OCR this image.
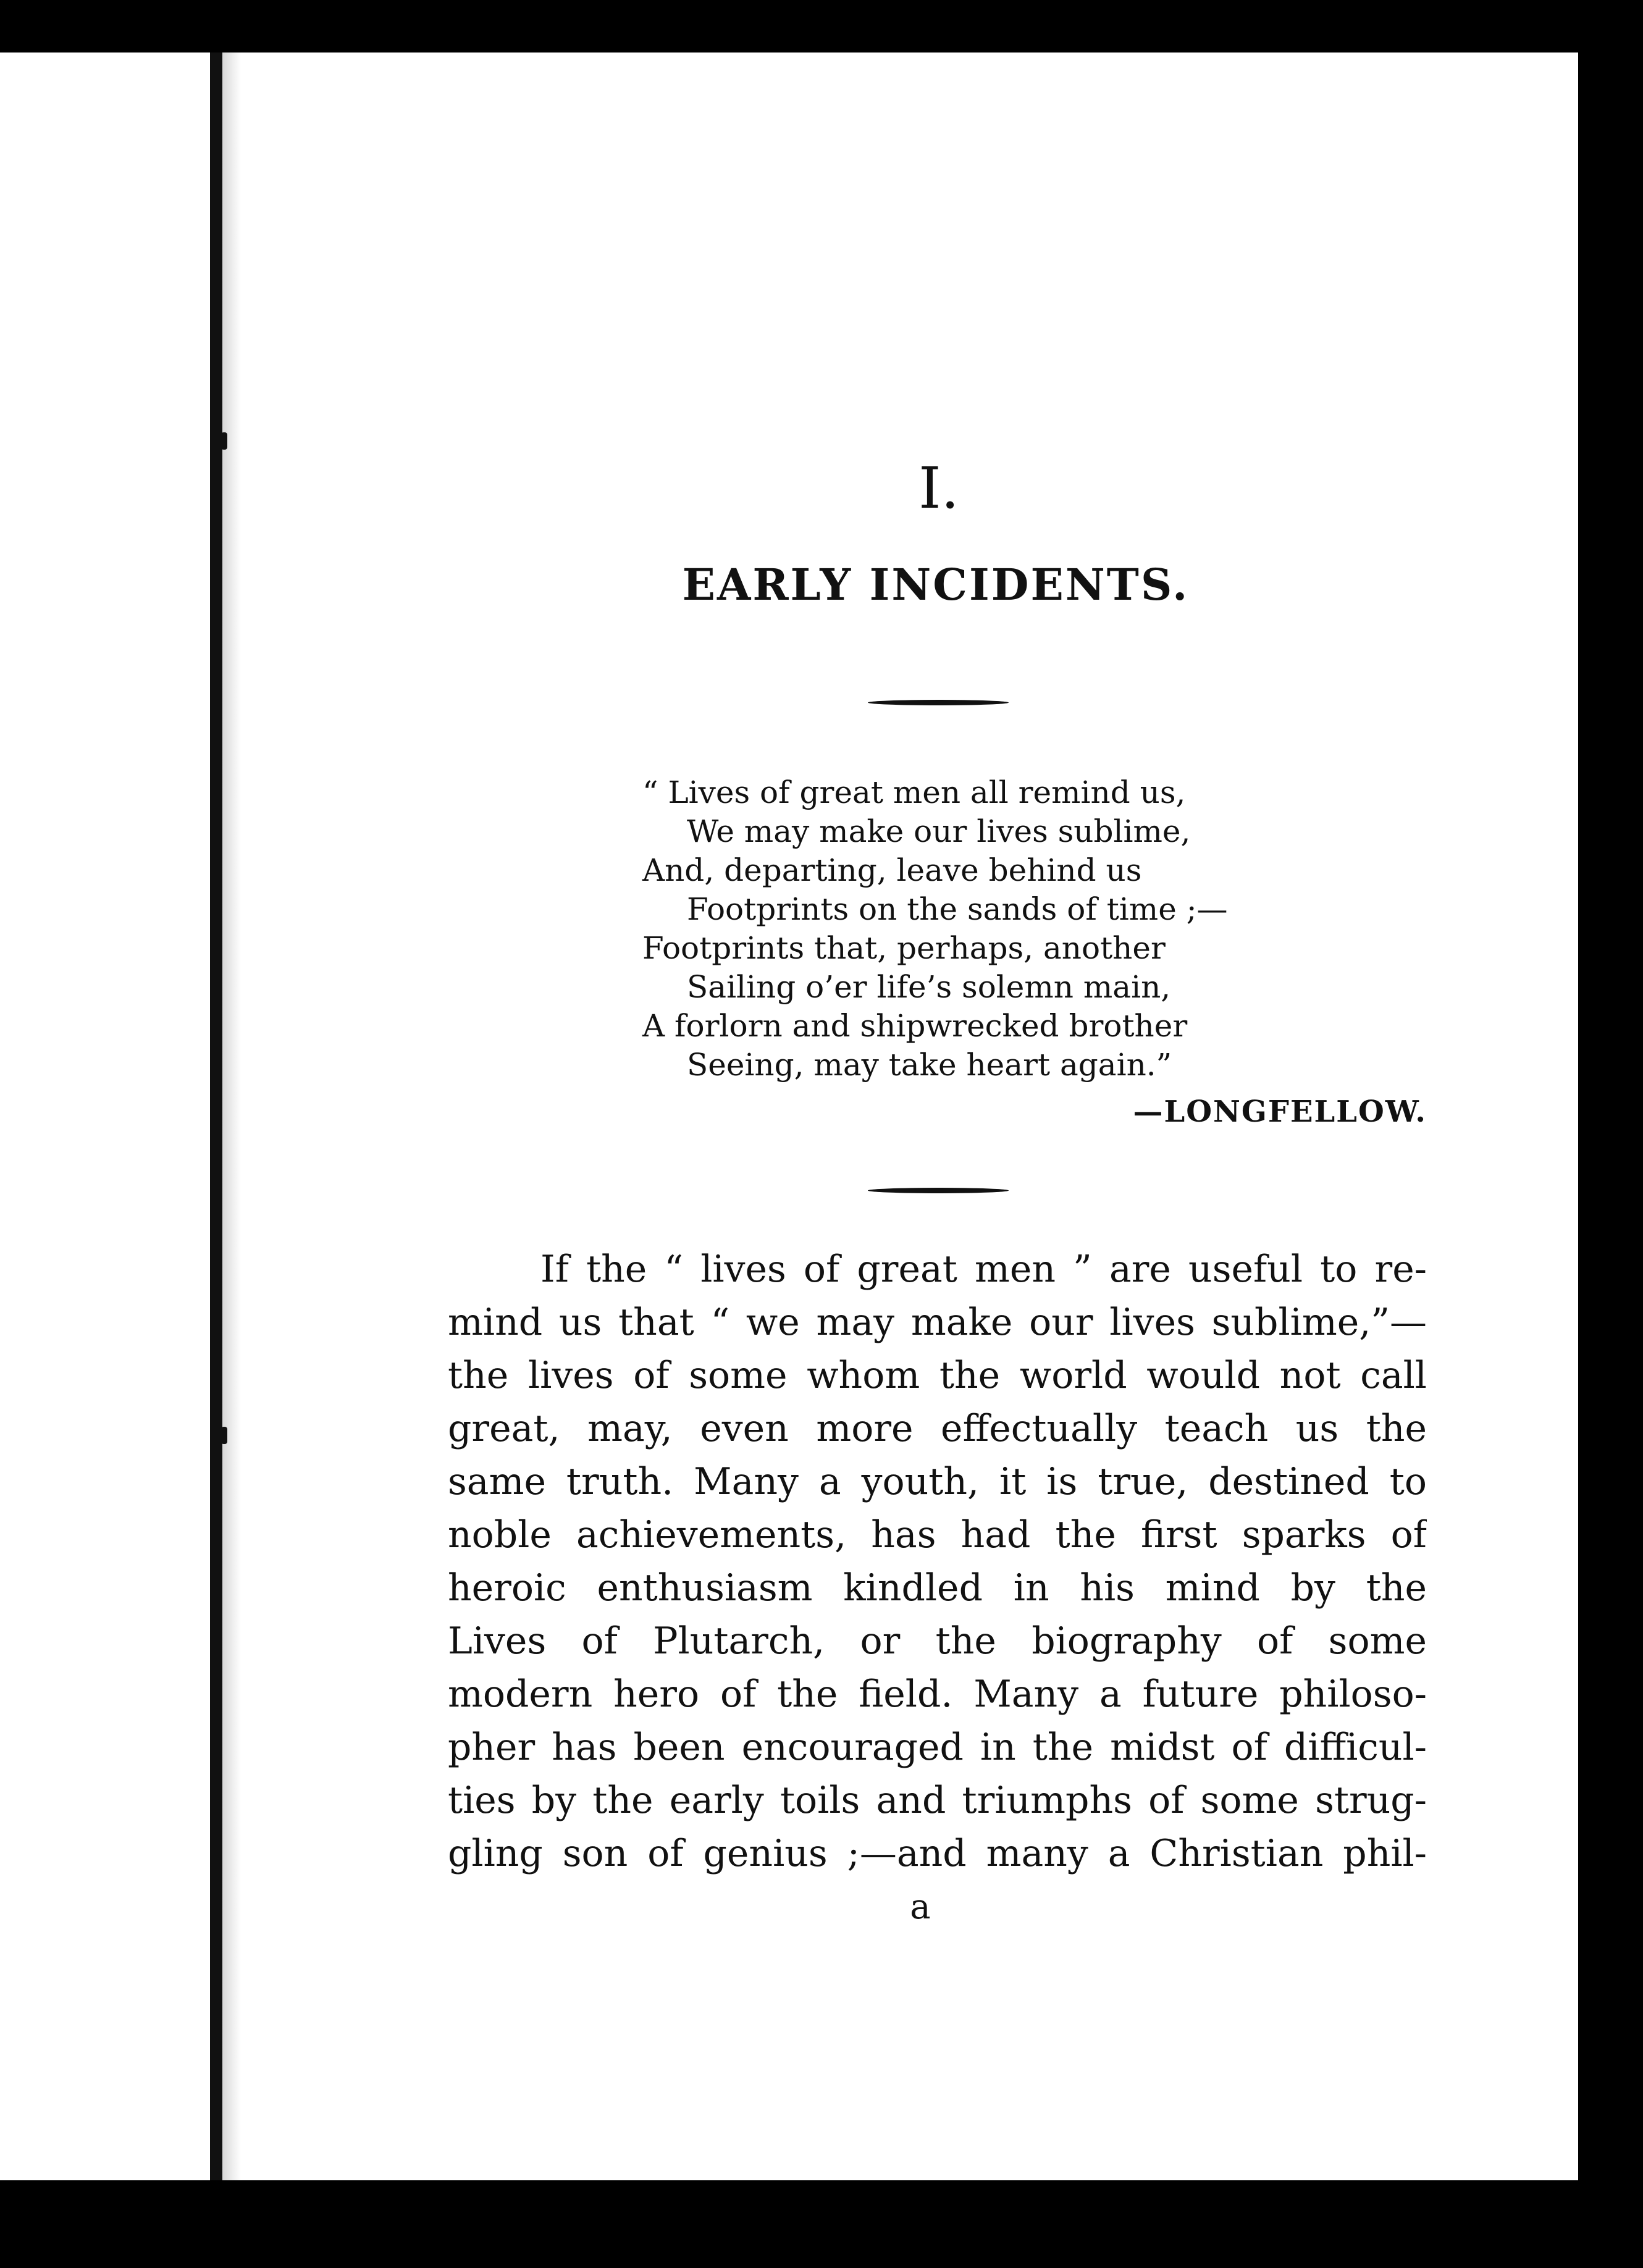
I.
EARLY INCIDENTS.
“ Lives of great men all remind us,
We may make our lives sublime,
And, departing, leave behind us
Footprints on the sands of time ;—
Footprints that, perhaps, another
Sailing o’er life’s solemn main,
A forlorn and shipwrecked brother
Seeing, may take heart again.”
—LONGFELLOW.
If the “ lives of great men ” are useful to re-
mind us that “ we may make our lives sublime,”—
the lives of some whom the world would not call
great, may, even more effectually teach us the
same truth. Many a youth, it is true, destined to
noble achievements, has had the first sparks of
heroic enthusiasm kindled in his mind by the
Lives of Plutarch, or the biography of some
modern hero of the field. Many a future philoso-
pher has been encouraged in the midst of difficul-
ties by the early toils and triumphs of some strug-
gling son of genius ;—and many a Christian phil-
a
